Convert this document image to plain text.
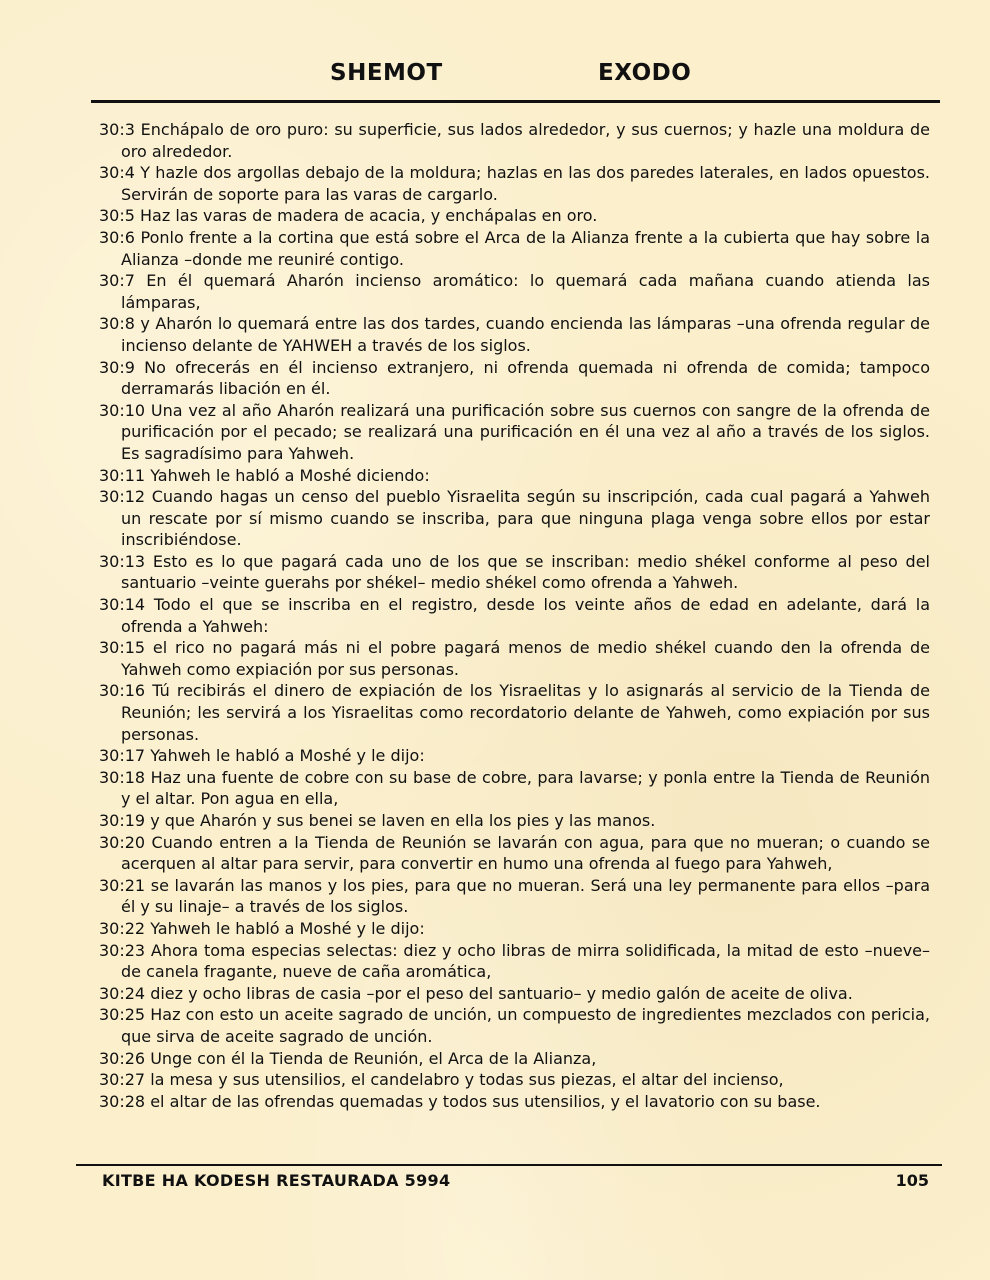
SHEMOT	EXODO
30:3 Enchápalo de oro puro: su superficie, sus lados alrededor, y sus cuernos; y hazle una moldura de oro alrededor.
30:4 Y hazle dos argollas debajo de la moldura; hazlas en las dos paredes laterales, en lados opuestos. Servirán de soporte para las varas de cargarlo.
30:5 Haz las varas de madera de acacia, y enchápalas en oro.
30:6 Ponlo frente a la cortina que está sobre el Arca de la Alianza frente a la cubierta que hay sobre la Alianza –donde me reuniré contigo.
30:7 En él quemará Aharón incienso aromático: lo quemará cada mañana cuando atienda las lámparas,
30:8 y Aharón lo quemará entre las dos tardes, cuando encienda las lámparas –una ofrenda regular de incienso delante de YAHWEH a través de los siglos.
30:9 No ofrecerás en él incienso extranjero, ni ofrenda quemada ni ofrenda de comida; tampoco derramarás libación en él.
30:10 Una vez al año Aharón realizará una purificación sobre sus cuernos con sangre de la ofrenda de purificación por el pecado; se realizará una purificación en él una vez al año a través de los siglos. Es sagradísimo para Yahweh.
30:11 Yahweh le habló a Moshé diciendo:
30:12 Cuando hagas un censo del pueblo Yisraelita según su inscripción, cada cual pagará a Yahweh un rescate por sí mismo cuando se inscriba, para que ninguna plaga venga sobre ellos por estar inscribiéndose.
30:13 Esto es lo que pagará cada uno de los que se inscriban: medio shékel conforme al peso del santuario –veinte guerahs por shékel– medio shékel como ofrenda a Yahweh.
30:14 Todo el que se inscriba en el registro, desde los veinte años de edad en adelante, dará la ofrenda a Yahweh:
30:15 el rico no pagará más ni el pobre pagará menos de medio shékel cuando den la ofrenda de Yahweh como expiación por sus personas.
30:16 Tú recibirás el dinero de expiación de los Yisraelitas y lo asignarás al servicio de la Tienda de Reunión; les servirá a los Yisraelitas como recordatorio delante de Yahweh, como expiación por sus personas.
30:17 Yahweh le habló a Moshé y le dijo:
30:18 Haz una fuente de cobre con su base de cobre, para lavarse; y ponla entre la Tienda de Reunión y el altar. Pon agua en ella,
30:19 y que Aharón y sus benei se laven en ella los pies y las manos.
30:20 Cuando entren a la Tienda de Reunión se lavarán con agua, para que no mueran; o cuando se acerquen al altar para servir, para convertir en humo una ofrenda al fuego para Yahweh,
30:21 se lavarán las manos y los pies, para que no mueran. Será una ley permanente para ellos –para él y su linaje– a través de los siglos.
30:22 Yahweh le habló a Moshé y le dijo:
30:23 Ahora toma especias selectas: diez y ocho libras de mirra solidificada, la mitad de esto –nueve– de canela fragante, nueve de caña aromática,
30:24 diez y ocho libras de casia –por el peso del santuario– y medio galón de aceite de oliva.
30:25 Haz con esto un aceite sagrado de unción, un compuesto de ingredientes mezclados con pericia, que sirva de aceite sagrado de unción.
30:26 Unge con él la Tienda de Reunión, el Arca de la Alianza,
30:27 la mesa y sus utensilios, el candelabro y todas sus piezas, el altar del incienso,
30:28 el altar de las ofrendas quemadas y todos sus utensilios, y el lavatorio con su base.
KITBE HA KODESH RESTAURADA 5994	105
